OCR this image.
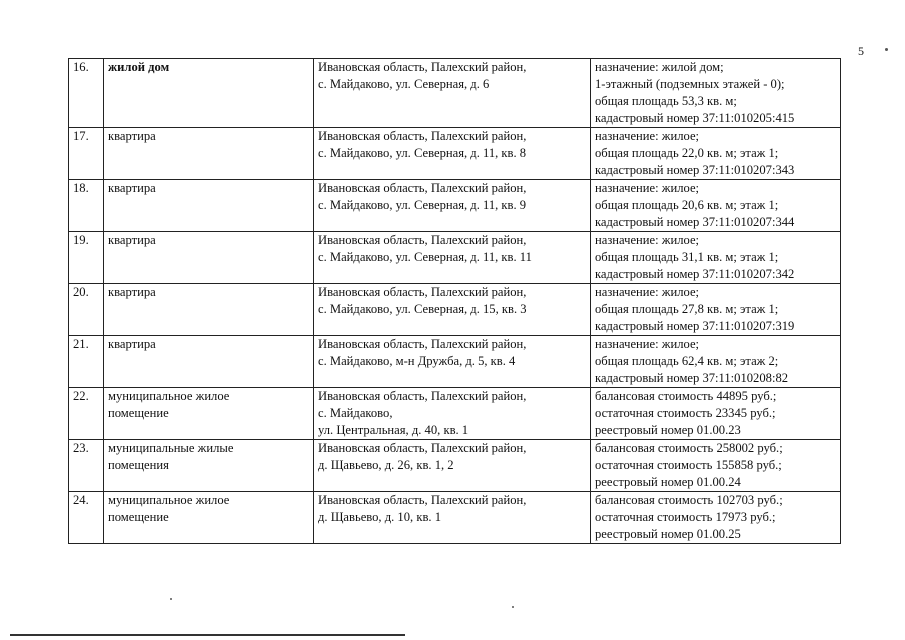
5
16.	жилой дом	Ивановская область, Палехский район,
с. Майдаково, ул. Северная, д. 6	назначение: жилой дом;
1-этажный (подземных этажей - 0);
общая площадь 53,3 кв. м;
кадастровый номер 37:11:010205:415
17.	квартира	Ивановская область, Палехский район,
с. Майдаково, ул. Северная, д. 11, кв. 8	назначение: жилое;
общая площадь 22,0 кв. м; этаж 1;
кадастровый номер 37:11:010207:343
18.	квартира	Ивановская область, Палехский район,
с. Майдаково, ул. Северная, д. 11, кв. 9	назначение: жилое;
общая площадь 20,6 кв. м; этаж 1;
кадастровый номер 37:11:010207:344
19.	квартира	Ивановская область, Палехский район,
с. Майдаково, ул. Северная, д. 11, кв. 11	назначение: жилое;
общая площадь 31,1 кв. м; этаж 1;
кадастровый номер 37:11:010207:342
20.	квартира	Ивановская область, Палехский район,
с. Майдаково, ул. Северная, д. 15, кв. 3	назначение: жилое;
общая площадь 27,8 кв. м; этаж 1;
кадастровый номер 37:11:010207:319
21.	квартира	Ивановская область, Палехский район,
с. Майдаково, м-н Дружба, д. 5, кв. 4	назначение: жилое;
общая площадь 62,4 кв. м; этаж 2;
кадастровый номер 37:11:010208:82
22.	муниципальное жилое
помещение	Ивановская область, Палехский район,
с. Майдаково,
ул. Центральная, д. 40, кв. 1	балансовая стоимость 44895 руб.;
остаточная стоимость 23345 руб.;
реестровый номер 01.00.23
23.	муниципальные жилые
помещения	Ивановская область, Палехский район,
д. Щавьево, д. 26, кв. 1, 2	балансовая стоимость 258002 руб.;
остаточная стоимость 155858 руб.;
реестровый номер 01.00.24
24.	муниципальное жилое
помещение	Ивановская область, Палехский район,
д. Щавьево, д. 10, кв. 1	балансовая стоимость 102703 руб.;
остаточная стоимость 17973 руб.;
реестровый номер 01.00.25
